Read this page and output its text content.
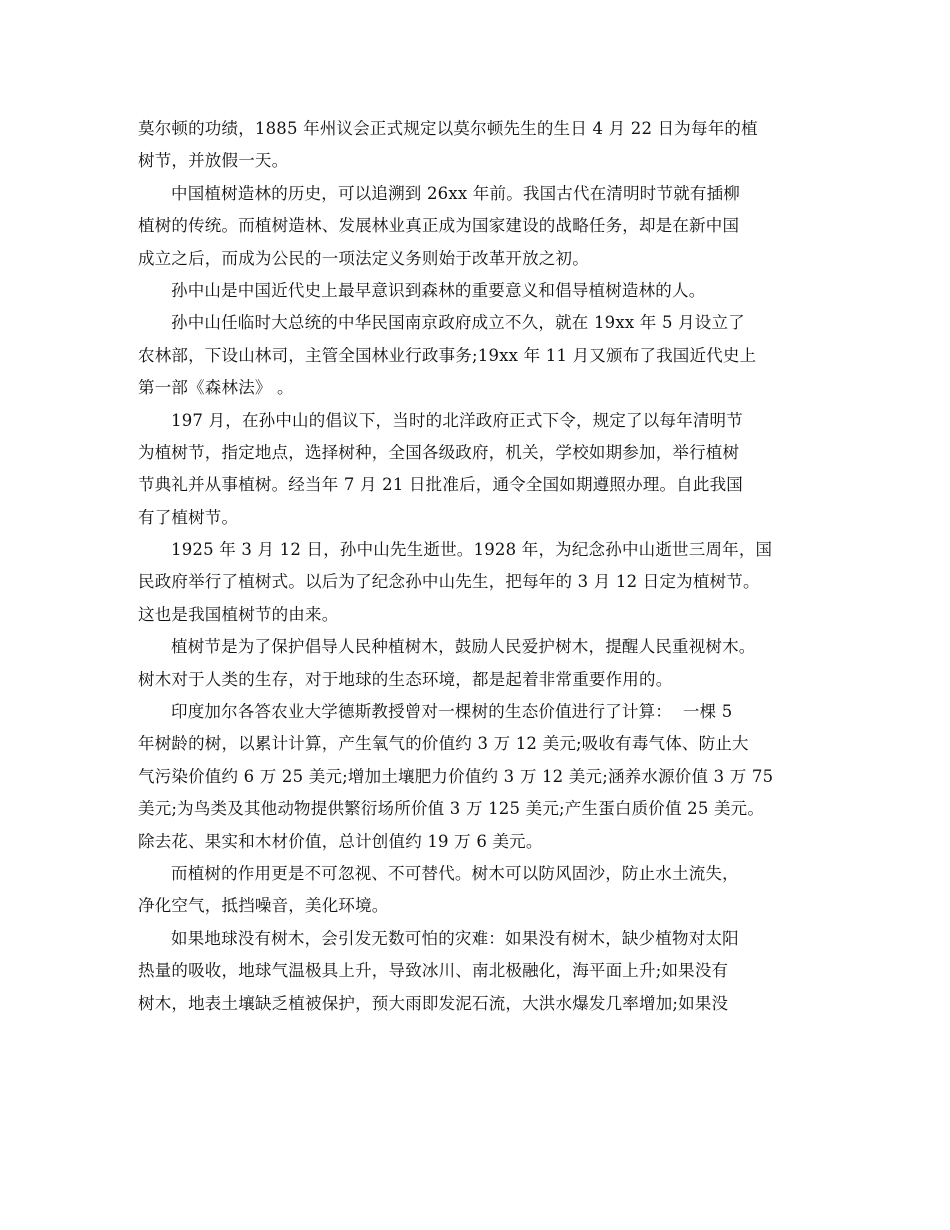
莫尔顿的功绩，1885 年州议会正式规定以莫尔顿先生的生日 4 月 22 日为每年的植
树节，并放假一天。
中国植树造林的历史，可以追溯到 26xx 年前。我国古代在清明时节就有插柳
植树的传统。而植树造林、发展林业真正成为国家建设的战略任务，却是在新中国
成立之后，而成为公民的一项法定义务则始于改革开放之初。
孙中山是中国近代史上最早意识到森林的重要意义和倡导植树造林的人。
孙中山任临时大总统的中华民国南京政府成立不久，就在 19xx 年 5 月设立了
农林部，下设山林司，主管全国林业行政事务;19xx 年 11 月又颁布了我国近代史上
第一部《森林法》 。
197 月，在孙中山的倡议下，当时的北洋政府正式下令，规定了以每年清明节
为植树节，指定地点，选择树种，全国各级政府，机关，学校如期参加，举行植树
节典礼并从事植树。经当年 7 月 21 日批准后，通令全国如期遵照办理。自此我国
有了植树节。
1925 年 3 月 12 日，孙中山先生逝世。1928 年，为纪念孙中山逝世三周年，国
民政府举行了植树式。以后为了纪念孙中山先生，把每年的 3 月 12 日定为植树节。
这也是我国植树节的由来。
植树节是为了保护倡导人民种植树木，鼓励人民爱护树木，提醒人民重视树木。
树木对于人类的生存，对于地球的生态环境，都是起着非常重要作用的。
印度加尔各答农业大学德斯教授曾对一棵树的生态价值进行了计算：  一棵 5
年树龄的树，以累计计算，产生氧气的价值约 3 万 12 美元;吸收有毒气体、防止大
气污染价值约 6 万 25 美元;增加土壤肥力价值约 3 万 12 美元;涵养水源价值 3 万 75
美元;为鸟类及其他动物提供繁衍场所价值 3 万 125 美元;产生蛋白质价值 25 美元。
除去花、果实和木材价值，总计创值约 19 万 6 美元。
而植树的作用更是不可忽视、不可替代。树木可以防风固沙，防止水土流失，
净化空气，抵挡噪音，美化环境。
如果地球没有树木，会引发无数可怕的灾难：如果没有树木，缺少植物对太阳
热量的吸收，地球气温极具上升，导致冰川、南北极融化，海平面上升;如果没有
树木，地表土壤缺乏植被保护，预大雨即发泥石流，大洪水爆发几率增加;如果没
